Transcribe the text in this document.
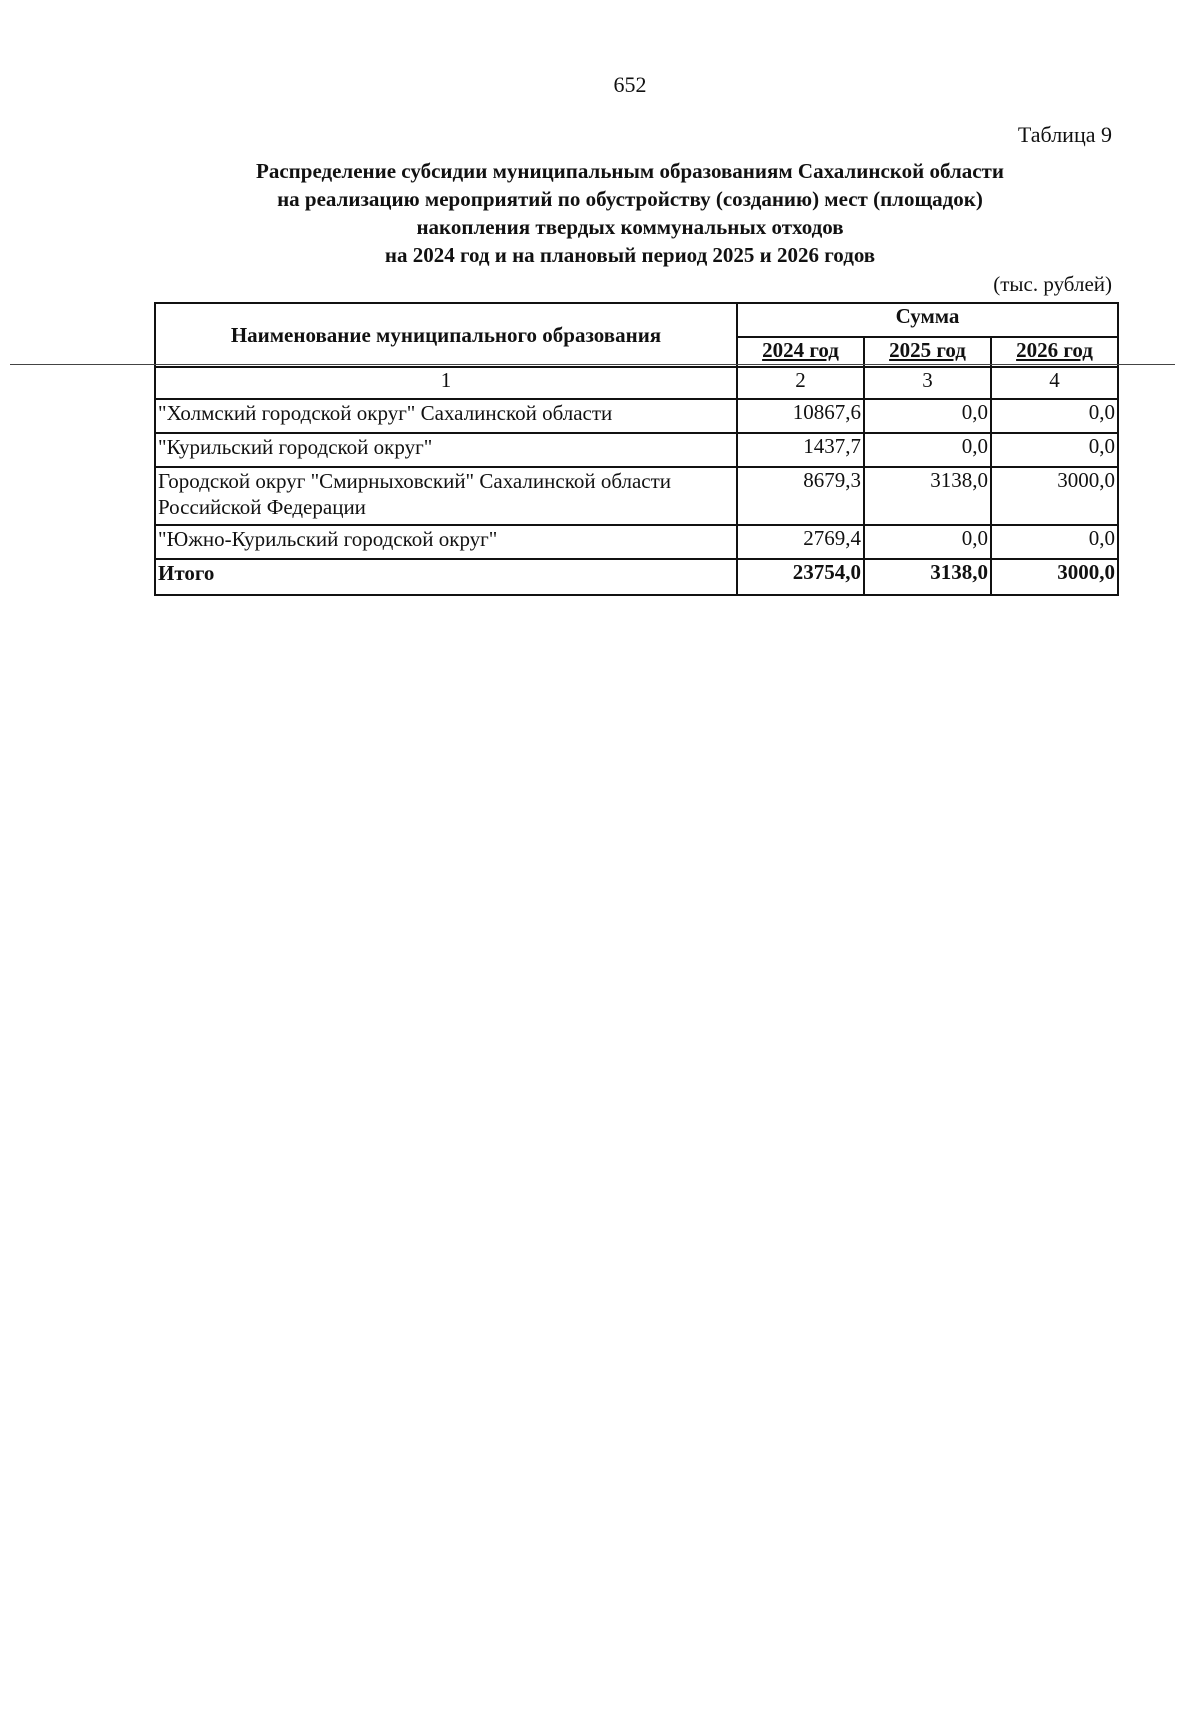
652
Таблица 9
Распределение субсидии муниципальным образованиям Сахалинской области
на реализацию мероприятий по обустройству (созданию) мест (площадок)
накопления твердых коммунальных отходов
на 2024 год и на плановый период 2025 и 2026 годов
(тыс. рублей)
Наименование муниципального образования	Сумма		
	2024 год	2025 год	2026 год
1	2	3	4
"Холмский городской округ" Сахалинской области	10867,6	0,0	0,0
"Курильский городской округ"	1437,7	0,0	0,0
Городской округ "Смирныховский" Сахалинской области Российской Федерации	8679,3	3138,0	3000,0
"Южно-Курильский городской округ"	2769,4	0,0	0,0
Итого	23754,0	3138,0	3000,0
